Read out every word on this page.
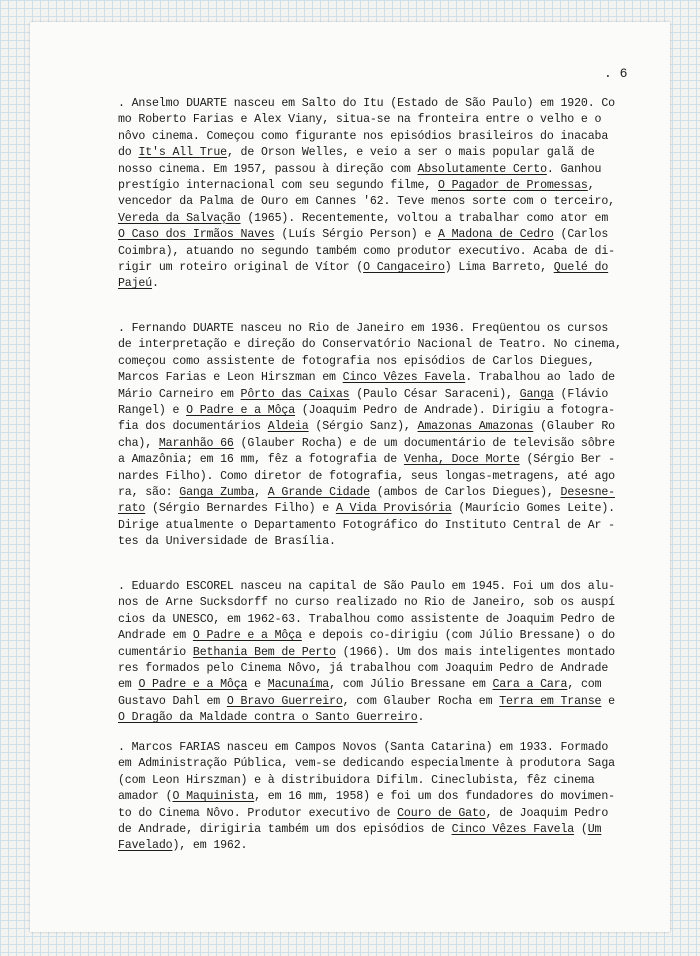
. 6

. Anselmo DUARTE nasceu em Salto do Itu (Estado de São Paulo) em 1920. Co
mo Roberto Farias e Alex Viany, situa-se na fronteira entre o velho e o
nôvo cinema. Começou como figurante nos episódios brasileiros do inacaba
do It's All True, de Orson Welles, e veio a ser o mais popular galã de
nosso cinema. Em 1957, passou à direção com Absolutamente Certo. Ganhou
prestígio internacional com seu segundo filme, O Pagador de Promessas,
vencedor da Palma de Ouro em Cannes '62. Teve menos sorte com o terceiro,
Vereda da Salvação (1965). Recentemente, voltou a trabalhar como ator em
O Caso dos Irmãos Naves (Luís Sérgio Person) e A Madona de Cedro (Carlos
Coimbra), atuando no segundo também como produtor executivo. Acaba de di-
rigir um roteiro original de Vítor (O Cangaceiro) Lima Barreto, Quelé do
Pajeú.

. Fernando DUARTE nasceu no Rio de Janeiro em 1936. Freqüentou os cursos
de interpretação e direção do Conservatório Nacional de Teatro. No cinema,
começou como assistente de fotografia nos episódios de Carlos Diegues,
Marcos Farias e Leon Hirszman em Cinco Vêzes Favela. Trabalhou ao lado de
Mário Carneiro em Pôrto das Caixas (Paulo César Saraceni), Ganga (Flávio
Rangel) e O Padre e a Môça (Joaquim Pedro de Andrade). Dirigiu a fotogra-
fia dos documentários Aldeia (Sérgio Sanz), Amazonas Amazonas (Glauber Ro
cha), Maranhão 66 (Glauber Rocha) e de um documentário de televisão sôbre
a Amazônia; em 16 mm, fêz a fotografia de Venha, Doce Morte (Sérgio Ber -
nardes Filho). Como diretor de fotografia, seus longas-metragens, até ago
ra, são: Ganga Zumba, A Grande Cidade (ambos de Carlos Diegues), Desesne-
rato (Sérgio Bernardes Filho) e A Vida Provisória (Maurício Gomes Leite).
Dirige atualmente o Departamento Fotográfico do Instituto Central de Ar -
tes da Universidade de Brasília.

. Eduardo ESCOREL nasceu na capital de São Paulo em 1945. Foi um dos alu-
nos de Arne Sucksdorff no curso realizado no Rio de Janeiro, sob os auspí
cios da UNESCO, em 1962-63. Trabalhou como assistente de Joaquim Pedro de
Andrade em O Padre e a Môça e depois co-dirigiu (com Júlio Bressane) o do
cumentário Bethania Bem de Perto (1966). Um dos mais inteligentes montado
res formados pelo Cinema Nôvo, já trabalhou com Joaquim Pedro de Andrade
em O Padre e a Môça e Macunaíma, com Júlio Bressane em Cara a Cara, com
Gustavo Dahl em O Bravo Guerreiro, com Glauber Rocha em Terra em Transe e
O Dragão da Maldade contra o Santo Guerreiro.

. Marcos FARIAS nasceu em Campos Novos (Santa Catarina) em 1933. Formado
em Administração Pública, vem-se dedicando especialmente à produtora Saga
(com Leon Hirszman) e à distribuidora Difilm. Cineclubista, fêz cinema
amador (O Maquinista, em 16 mm, 1958) e foi um dos fundadores do movimen-
to do Cinema Nôvo. Produtor executivo de Couro de Gato, de Joaquim Pedro
de Andrade, dirigiria também um dos episódios de Cinco Vêzes Favela (Um
Favelado), em 1962.
